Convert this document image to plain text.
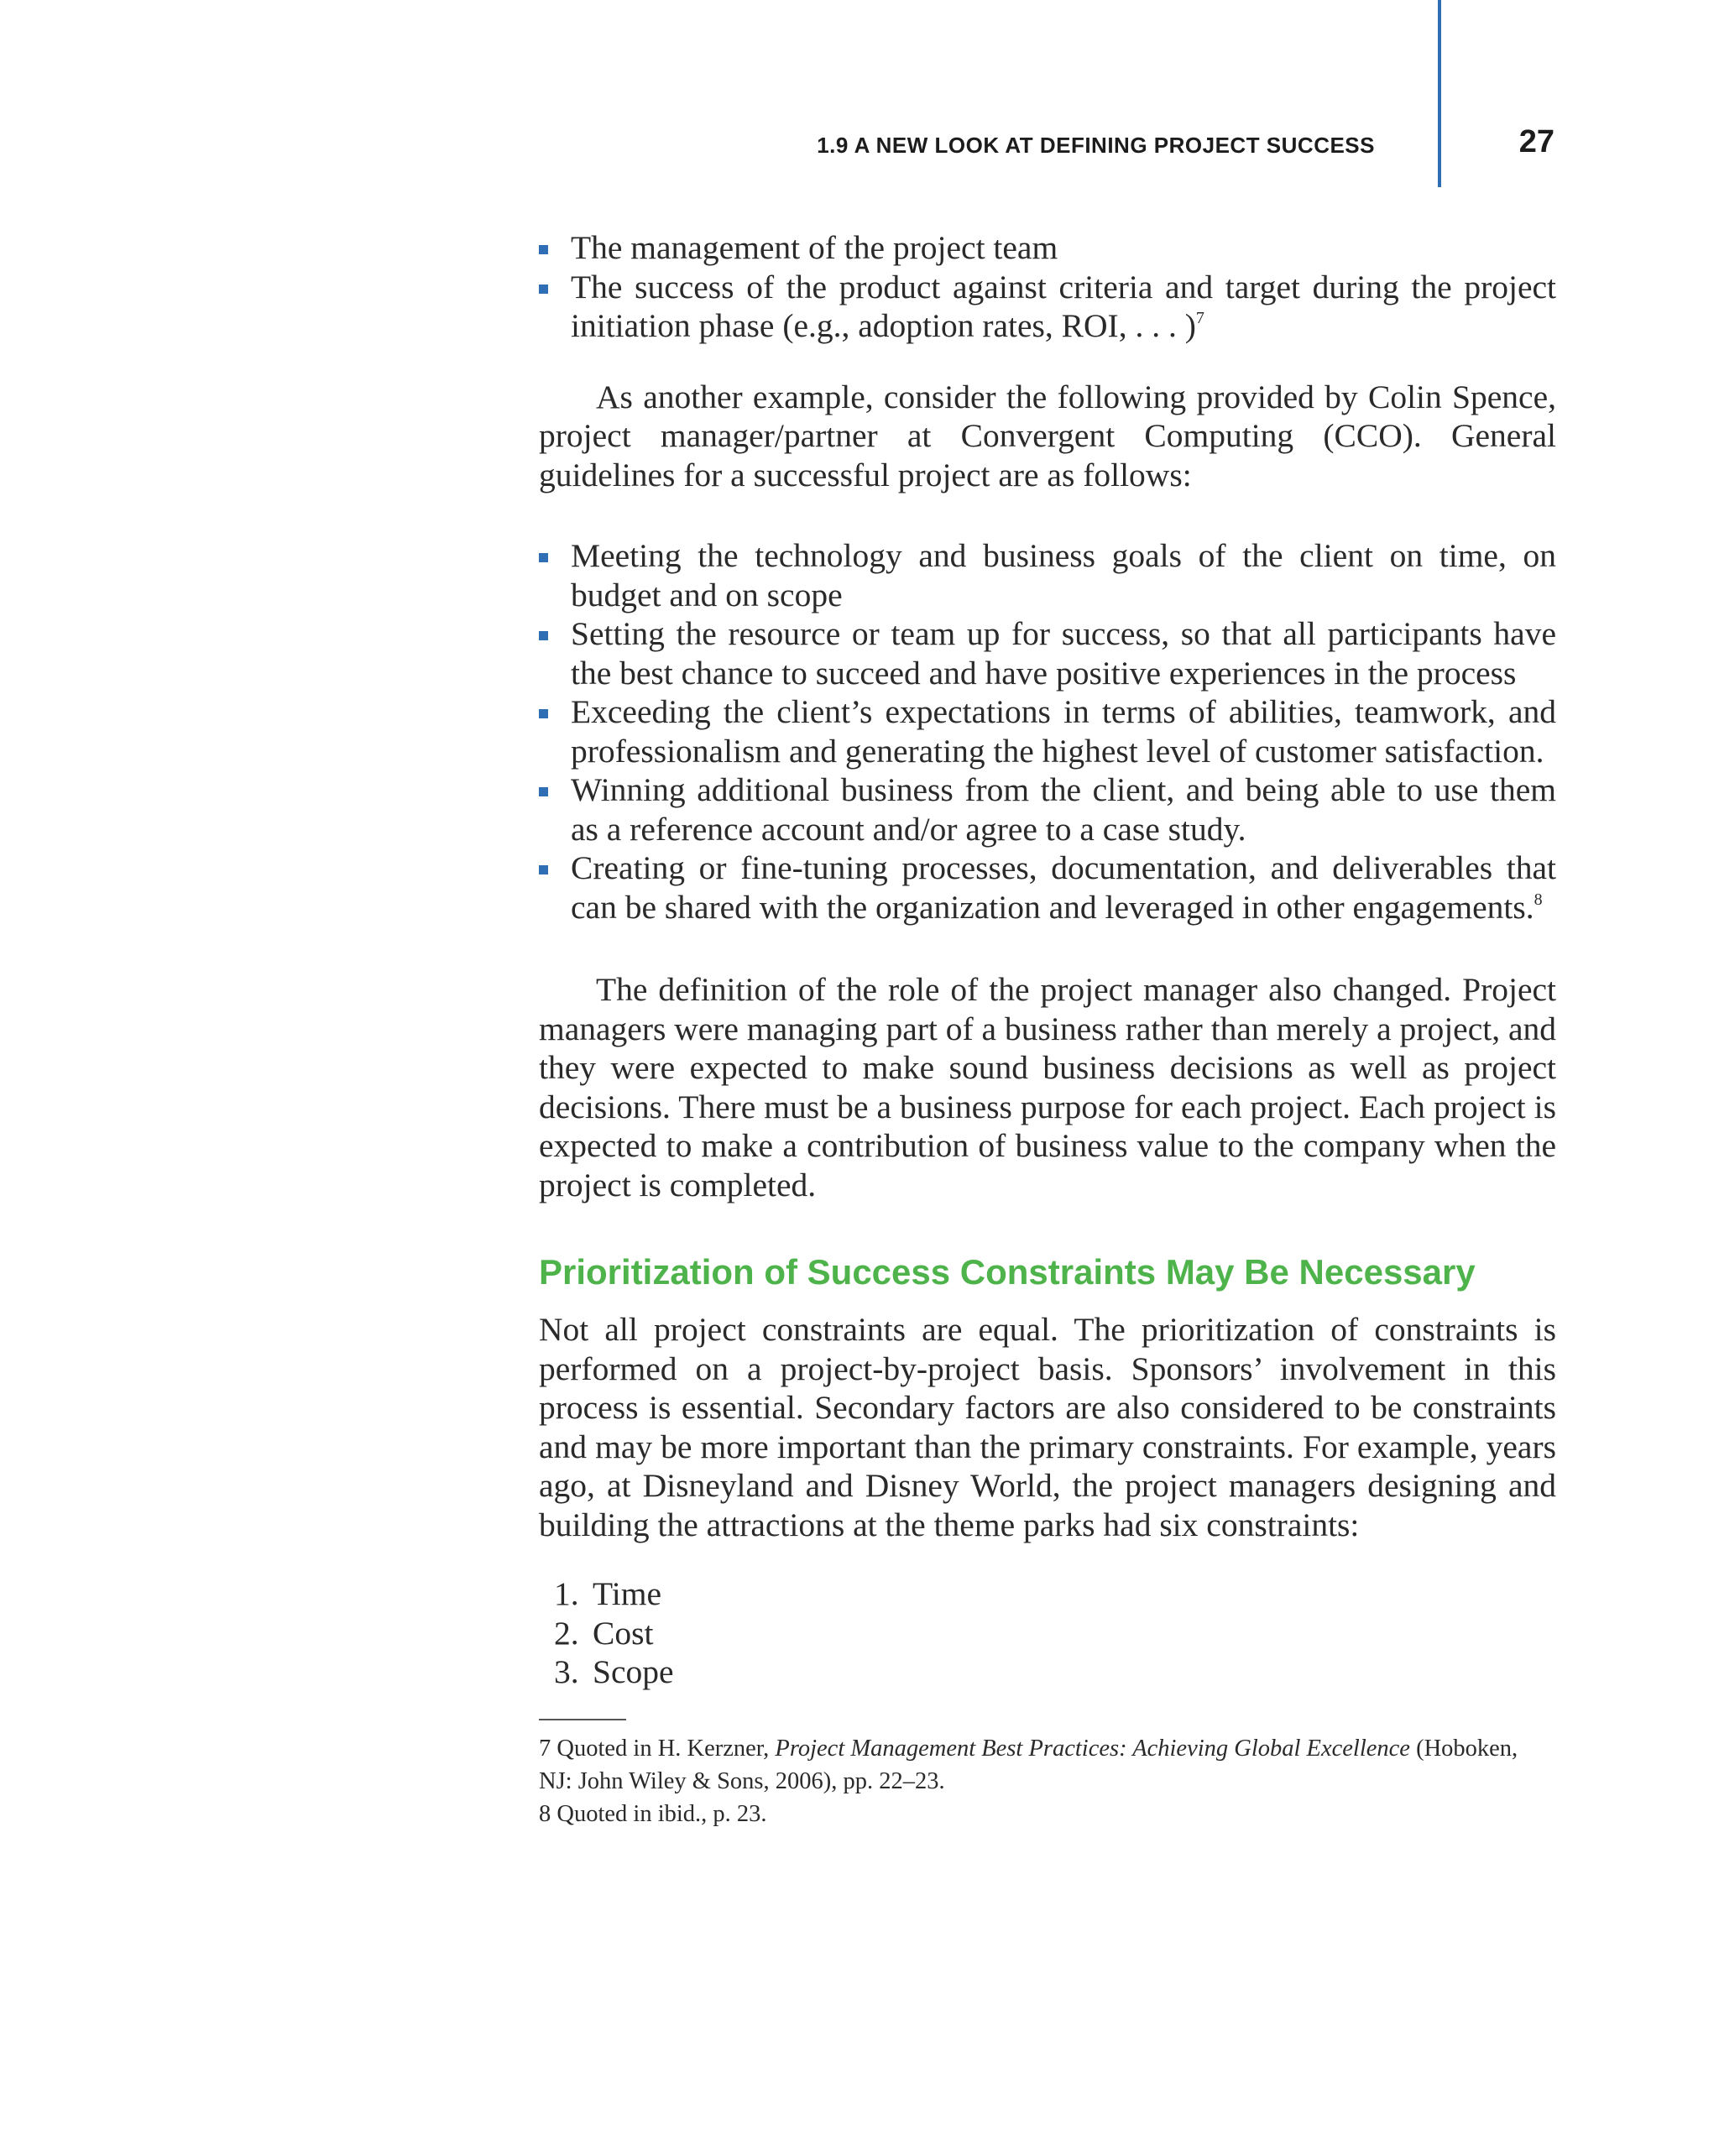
1.9 A NEW LOOK AT DEFINING PROJECT SUCCESS	27
The management of the project team
The success of the product against criteria and target during the project initiation phase (e.g., adoption rates, ROI, . . . )$^7$

As another example, consider the following provided by Colin Spence, project manager/partner at Convergent Computing (CCO). General guidelines for a successful project are as follows:

Meeting the technology and business goals of the client on time, on budget and on scope
Setting the resource or team up for success, so that all participants have the best chance to succeed and have positive experiences in the process
Exceeding the client’s expectations in terms of abilities, teamwork, and professionalism and generating the highest level of customer satisfaction.
Winning additional business from the client, and being able to use them as a reference account and/or agree to a case study.
Creating or fine-tuning processes, documentation, and deliverables that can be shared with the organization and leveraged in other engagements.$^8$

The definition of the role of the project manager also changed. Project managers were managing part of a business rather than merely a project, and they were expected to make sound business decisions as well as project decisions. There must be a business purpose for each project. Each project is expected to make a contribution of business value to the company when the project is completed.

Prioritization of Success Constraints May Be Necessary

Not all project constraints are equal. The prioritization of constraints is performed on a project-by-project basis. Sponsors’ involvement in this process is essential. Secondary factors are also considered to be constraints and may be more important than the primary constraints. For example, years ago, at Disneyland and Disney World, the project managers designing and building the attractions at the theme parks had six constraints:

1. Time
2. Cost
3. Scope

7 Quoted in H. Kerzner, Project Management Best Practices: Achieving Global Excellence (Hoboken, NJ: John Wiley & Sons, 2006), pp. 22–23.

8 Quoted in ibid., p. 23.
